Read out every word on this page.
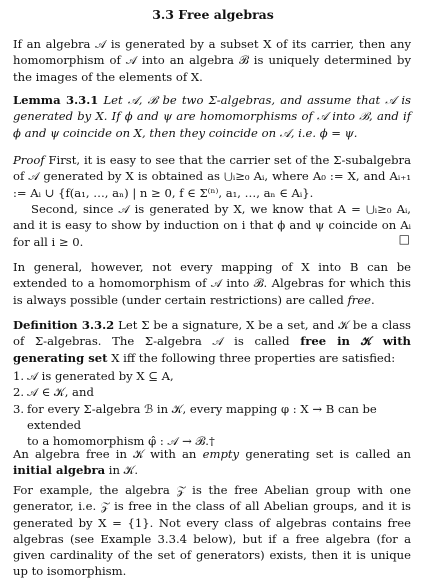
3.3 Free algebras
If an algebra 𝒜 is generated by a subset X of its carrier, then any homomorphism of 𝒜 into an algebra ℬ is uniquely determined by the images of the elements of X.
Lemma 3.3.1 Let 𝒜, ℬ be two Σ-algebras, and assume that 𝒜 is generated by X. If ϕ and ψ are homomorphisms of 𝒜 into ℬ, and if ϕ and ψ coincide on X, then they coincide on 𝒜, i.e. ϕ = ψ.
Proof First, it is easy to see that the carrier set of the Σ-subalgebra of 𝒜 generated by X is obtained as ⋃ᵢ≥₀ Aᵢ, where A₀ := X, and Aᵢ₊₁ := Aᵢ ∪ {f(a₁, …, aₙ) | n ≥ 0, f ∈ Σ⁽ⁿ⁾, a₁, …, aₙ ∈ Aᵢ}.
Second, since 𝒜 is generated by X, we know that A = ⋃ᵢ≥₀ Aᵢ, and it is easy to show by induction on i that ϕ and ψ coincide on Aᵢ for all i ≥ 0.	□
In general, however, not every mapping of X into B can be extended to a homomorphism of 𝒜 into ℬ. Algebras for which this is always possible (under certain restrictions) are called free.
Definition 3.3.2 Let Σ be a signature, X be a set, and 𝒦 be a class of Σ-algebras. The Σ-algebra 𝒜 is called free in 𝒦 with generating set X iff the following three properties are satisfied:
1. 𝒜 is generated by X ⊆ A,
2. 𝒜 ∈ 𝒦, and
3. for every Σ-algebra ℬ in 𝒦, every mapping φ : X → B can be extended
to a homomorphism φ̂ : 𝒜 → ℬ.†
An algebra free in 𝒦 with an empty generating set is called an initial algebra in 𝒦.
For example, the algebra 𝒵 is the free Abelian group with one generator, i.e. 𝒵 is free in the class of all Abelian groups, and it is generated by X = {1}. Not every class of algebras contains free algebras (see Example 3.3.4 below), but if a free algebra (for a given cardinality of the set of generators) exists, then it is unique up to isomorphism.
